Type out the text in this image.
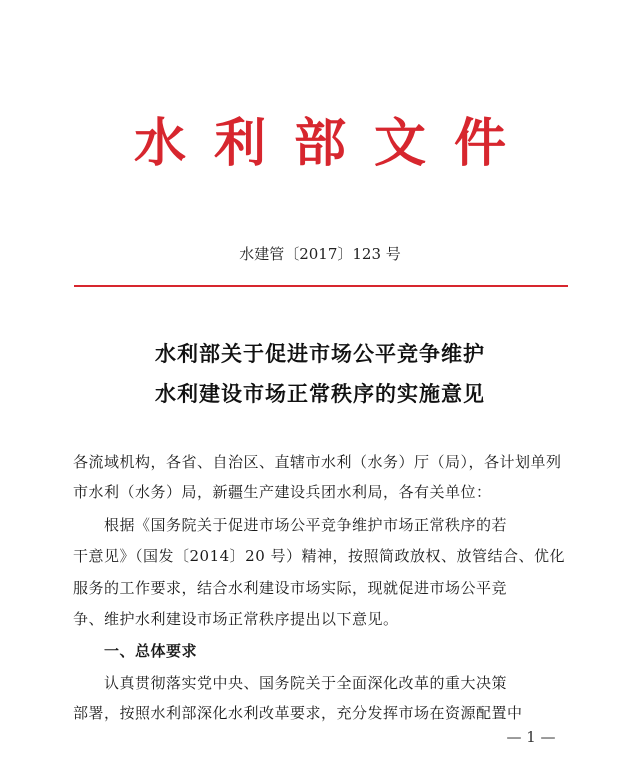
水利部文件
水建管〔2017〕123 号
水利部关于促进市场公平竞争维护
水利建设市场正常秩序的实施意见
各流域机构，各省、自治区、直辖市水利（水务）厅（局），各计划单列
市水利（水务）局，新疆生产建设兵团水利局，各有关单位：
　　根据《国务院关于促进市场公平竞争维护市场正常秩序的若
干意见》（国发〔2014〕20 号）精神，按照简政放权、放管结合、优化
服务的工作要求，结合水利建设市场实际，现就促进市场公平竞
争、维护水利建设市场正常秩序提出以下意见。
　　一、总体要求
　　认真贯彻落实党中央、国务院关于全面深化改革的重大决策
部署，按照水利部深化水利改革要求，充分发挥市场在资源配置中
— 1 —
